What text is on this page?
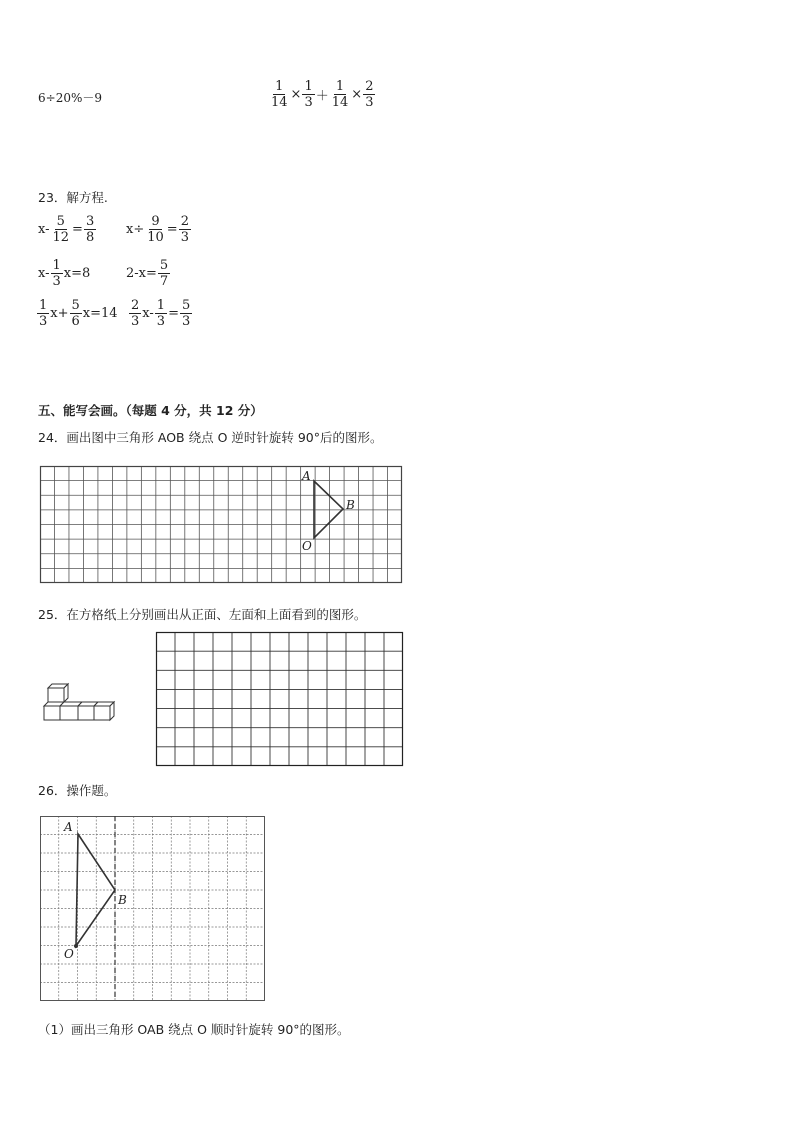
6÷20%－9	$\frac{1}{14} \times \frac{1}{3} + \frac{1}{14} \times \frac{2}{3}$
23．解方程.
$x- \frac{5}{12} = \frac{3}{8} x\div \frac{9}{10} = \frac{2}{3}$
$x- \frac{1}{3} x=8$	$2-x= \frac{5}{7}$
$\frac{1}{3} x+ \frac{5}{6} x=14 \frac{2}{3} x- \frac{1}{3} = \frac{5}{3}$
五、能写会画。（每题 4 分，共 12 分）
24．画出图中三角形 AOB 绕点 O 逆时针旋转 90°后的图形。
A
B
O
25．在方格纸上分别画出从正面、左面和上面看到的图形。
26．操作题。
A
B
O
（1）画出三角形 OAB 绕点 O 顺时针旋转 90°的图形。
